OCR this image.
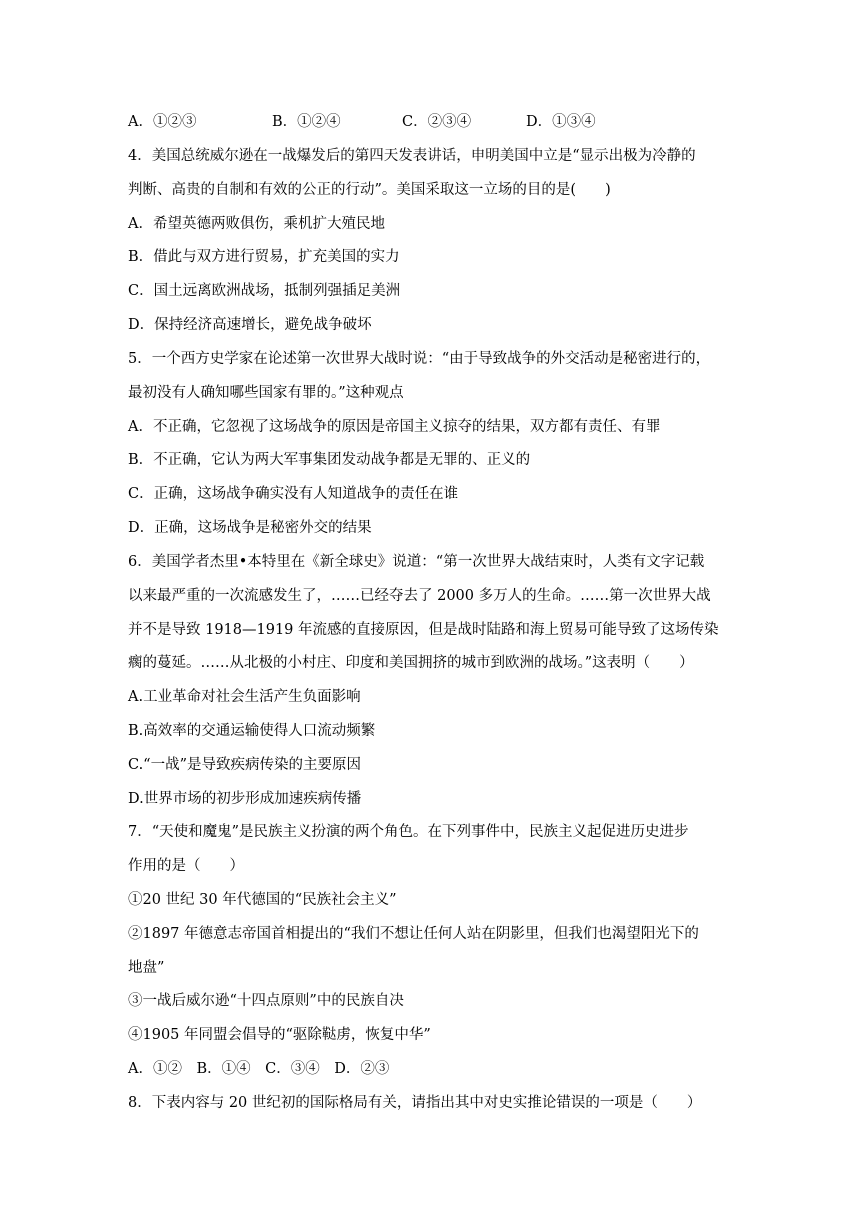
A．①②③	B．①②④	C．②③④	D．①③④
4．美国总统威尔逊在一战爆发后的第四天发表讲话，申明美国中立是“显示出极为冷静的
判断、高贵的自制和有效的公正的行动”。美国采取这一立场的目的是(　　)
A．希望英德两败俱伤，乘机扩大殖民地
B．借此与双方进行贸易，扩充美国的实力
C．国土远离欧洲战场，抵制列强插足美洲
D．保持经济高速增长，避免战争破坏
5．一个西方史学家在论述第一次世界大战时说：“由于导致战争的外交活动是秘密进行的，
最初没有人确知哪些国家有罪的。”这种观点
A．不正确，它忽视了这场战争的原因是帝国主义掠夺的结果，双方都有责任、有罪
B．不正确，它认为两大军事集团发动战争都是无罪的、正义的
C．正确，这场战争确实没有人知道战争的责任在谁
D．正确，这场战争是秘密外交的结果
6．美国学者杰里•本特里在《新全球史》说道：“第一次世界大战结束时，人类有文字记载
以来最严重的一次流感发生了，……已经夺去了 2000 多万人的生命。……第一次世界大战
并不是导致 1918—1919 年流感的直接原因，但是战时陆路和海上贸易可能导致了这场传染
瘸的蔓延。……从北极的小村庄、印度和美国拥挤的城市到欧洲的战场。”这表明（　　）
A.工业革命对社会生活产生负面影响
B.高效率的交通运输使得人口流动频繁
C.“一战”是导致疾病传染的主要原因
D.世界市场的初步形成加速疾病传播
7．“天使和魔鬼”是民族主义扮演的两个角色。在下列事件中，民族主义起促进历史进步
作用的是（　　）
①20 世纪 30 年代德国的“民族社会主义”
②1897 年德意志帝国首相提出的“我们不想让任何人站在阴影里，但我们也渴望阳光下的
地盘”
③一战后威尔逊“十四点原则”中的民族自决
④1905 年同盟会倡导的“驱除鞑虏，恢复中华”
A．①②　B．①④　C．③④　D．②③
8．下表内容与 20 世纪初的国际格局有关，请指出其中对史实推论错误的一项是（　　）
